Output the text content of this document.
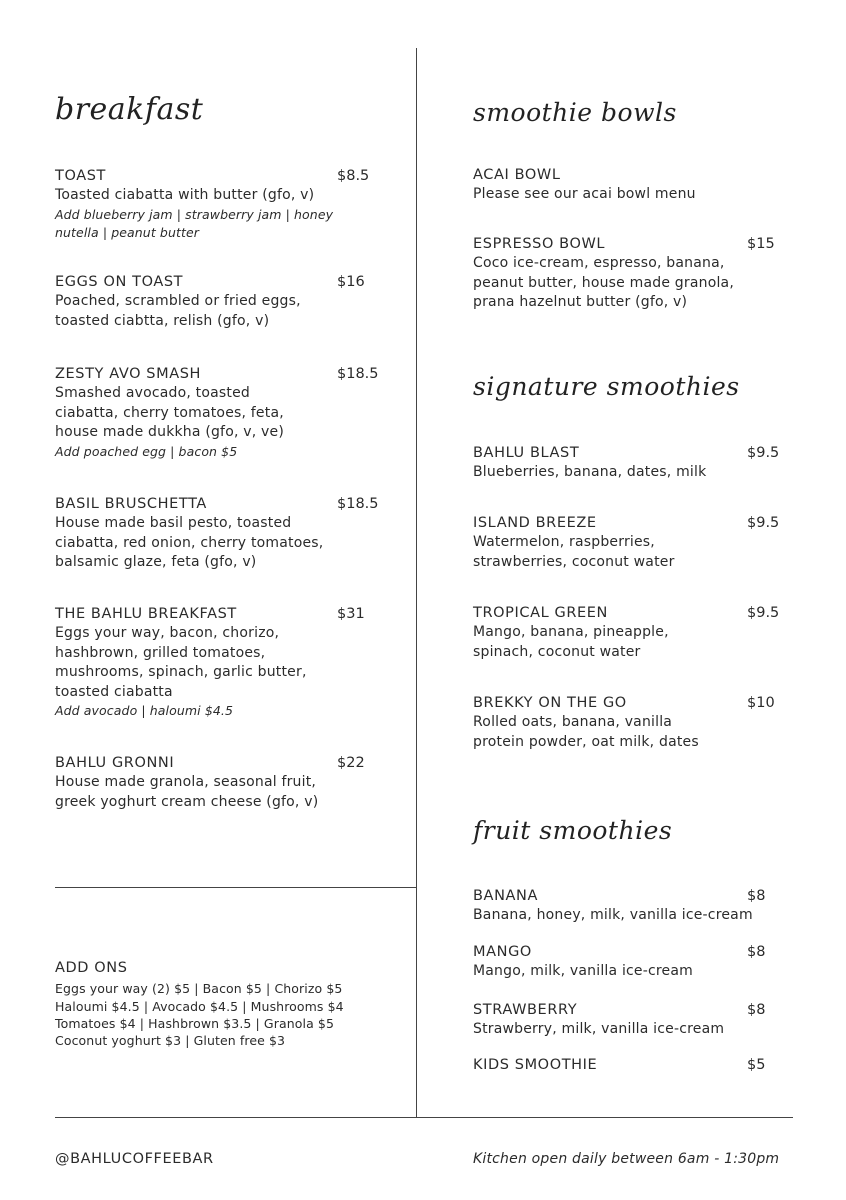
breakfast
TOAST	$8.5
Toasted ciabatta with butter (gfo, v)
Add blueberry jam | strawberry jam | honey
nutella | peanut butter
EGGS ON TOAST	$16
Poached, scrambled or fried eggs,
toasted ciabtta, relish (gfo, v)
ZESTY AVO SMASH	$18.5
Smashed avocado, toasted
ciabatta, cherry tomatoes, feta,
house made dukkha (gfo, v, ve)
Add poached egg | bacon $5
BASIL BRUSCHETTA	$18.5
House made basil pesto, toasted
ciabatta, red onion, cherry tomatoes,
balsamic glaze, feta (gfo, v)
THE BAHLU BREAKFAST	$31
Eggs your way, bacon, chorizo,
hashbrown, grilled tomatoes,
mushrooms, spinach, garlic butter,
toasted ciabatta
Add avocado | haloumi $4.5
BAHLU GRONNI	$22
House made granola, seasonal fruit,
greek yoghurt cream cheese (gfo, v)
ADD ONS
Eggs your way (2) $5 | Bacon $5 | Chorizo $5
Haloumi $4.5 | Avocado $4.5 | Mushrooms $4
Tomatoes $4 | Hashbrown $3.5 | Granola $5
Coconut yoghurt $3 | Gluten free $3
smoothie bowls
ACAI BOWL
Please see our acai bowl menu
ESPRESSO BOWL	$15
Coco ice-cream, espresso, banana,
peanut butter, house made granola,
prana hazelnut butter (gfo, v)
signature smoothies
BAHLU BLAST	$9.5
Blueberries, banana, dates, milk
ISLAND BREEZE	$9.5
Watermelon, raspberries,
strawberries, coconut water
TROPICAL GREEN	$9.5
Mango, banana, pineapple,
spinach, coconut water
BREKKY ON THE GO	$10
Rolled oats, banana, vanilla
protein powder, oat milk, dates
fruit smoothies
BANANA	$8
Banana, honey, milk, vanilla ice-cream
MANGO	$8
Mango, milk, vanilla ice-cream
STRAWBERRY	$8
Strawberry, milk, vanilla ice-cream
KIDS SMOOTHIE	$5
@BAHLUCOFFEEBAR	Kitchen open daily between 6am - 1:30pm
